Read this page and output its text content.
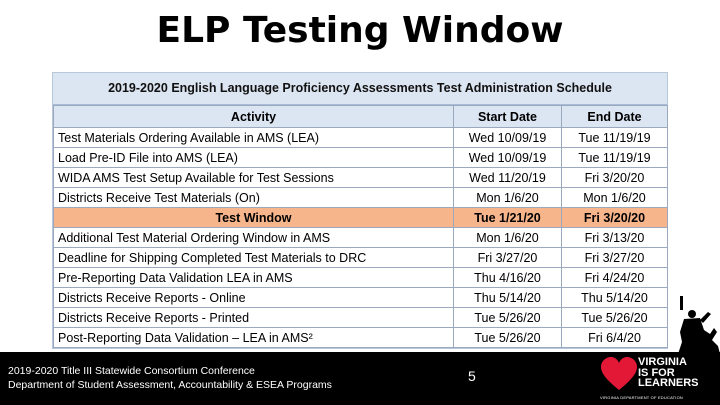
ELP Testing Window
2019-2020 English Language Proficiency Assessments Test Administration Schedule
Activity	Start Date	End Date
Test Materials Ordering Available in AMS (LEA)	Wed 10/09/19	Tue 11/19/19
Load Pre-ID File into AMS (LEA)	Wed 10/09/19	Tue 11/19/19
WIDA AMS Test Setup Available for Test Sessions	Wed 11/20/19	Fri 3/20/20
Districts Receive Test Materials (On)	Mon 1/6/20	Mon 1/6/20
Test Window	Tue 1/21/20	Fri 3/20/20
Additional Test Material Ordering Window in AMS	Mon 1/6/20	Fri 3/13/20
Deadline for Shipping Completed Test Materials to DRC	Fri 3/27/20	Fri 3/27/20
Pre-Reporting Data Validation LEA in AMS	Thu 4/16/20	Fri 4/24/20
Districts Receive Reports - Online	Thu 5/14/20	Thu 5/14/20
Districts Receive Reports - Printed	Tue 5/26/20	Tue 5/26/20
Post-Reporting Data Validation – LEA in AMS²	Tue 5/26/20	Fri 6/4/20
2019-2020 Title III Statewide Consortium Conference
Department of Student Assessment, Accountability & ESEA Programs
5
VIRGINIA
IS FOR
LEARNERS
VIRGINIA DEPARTMENT OF EDUCATION
